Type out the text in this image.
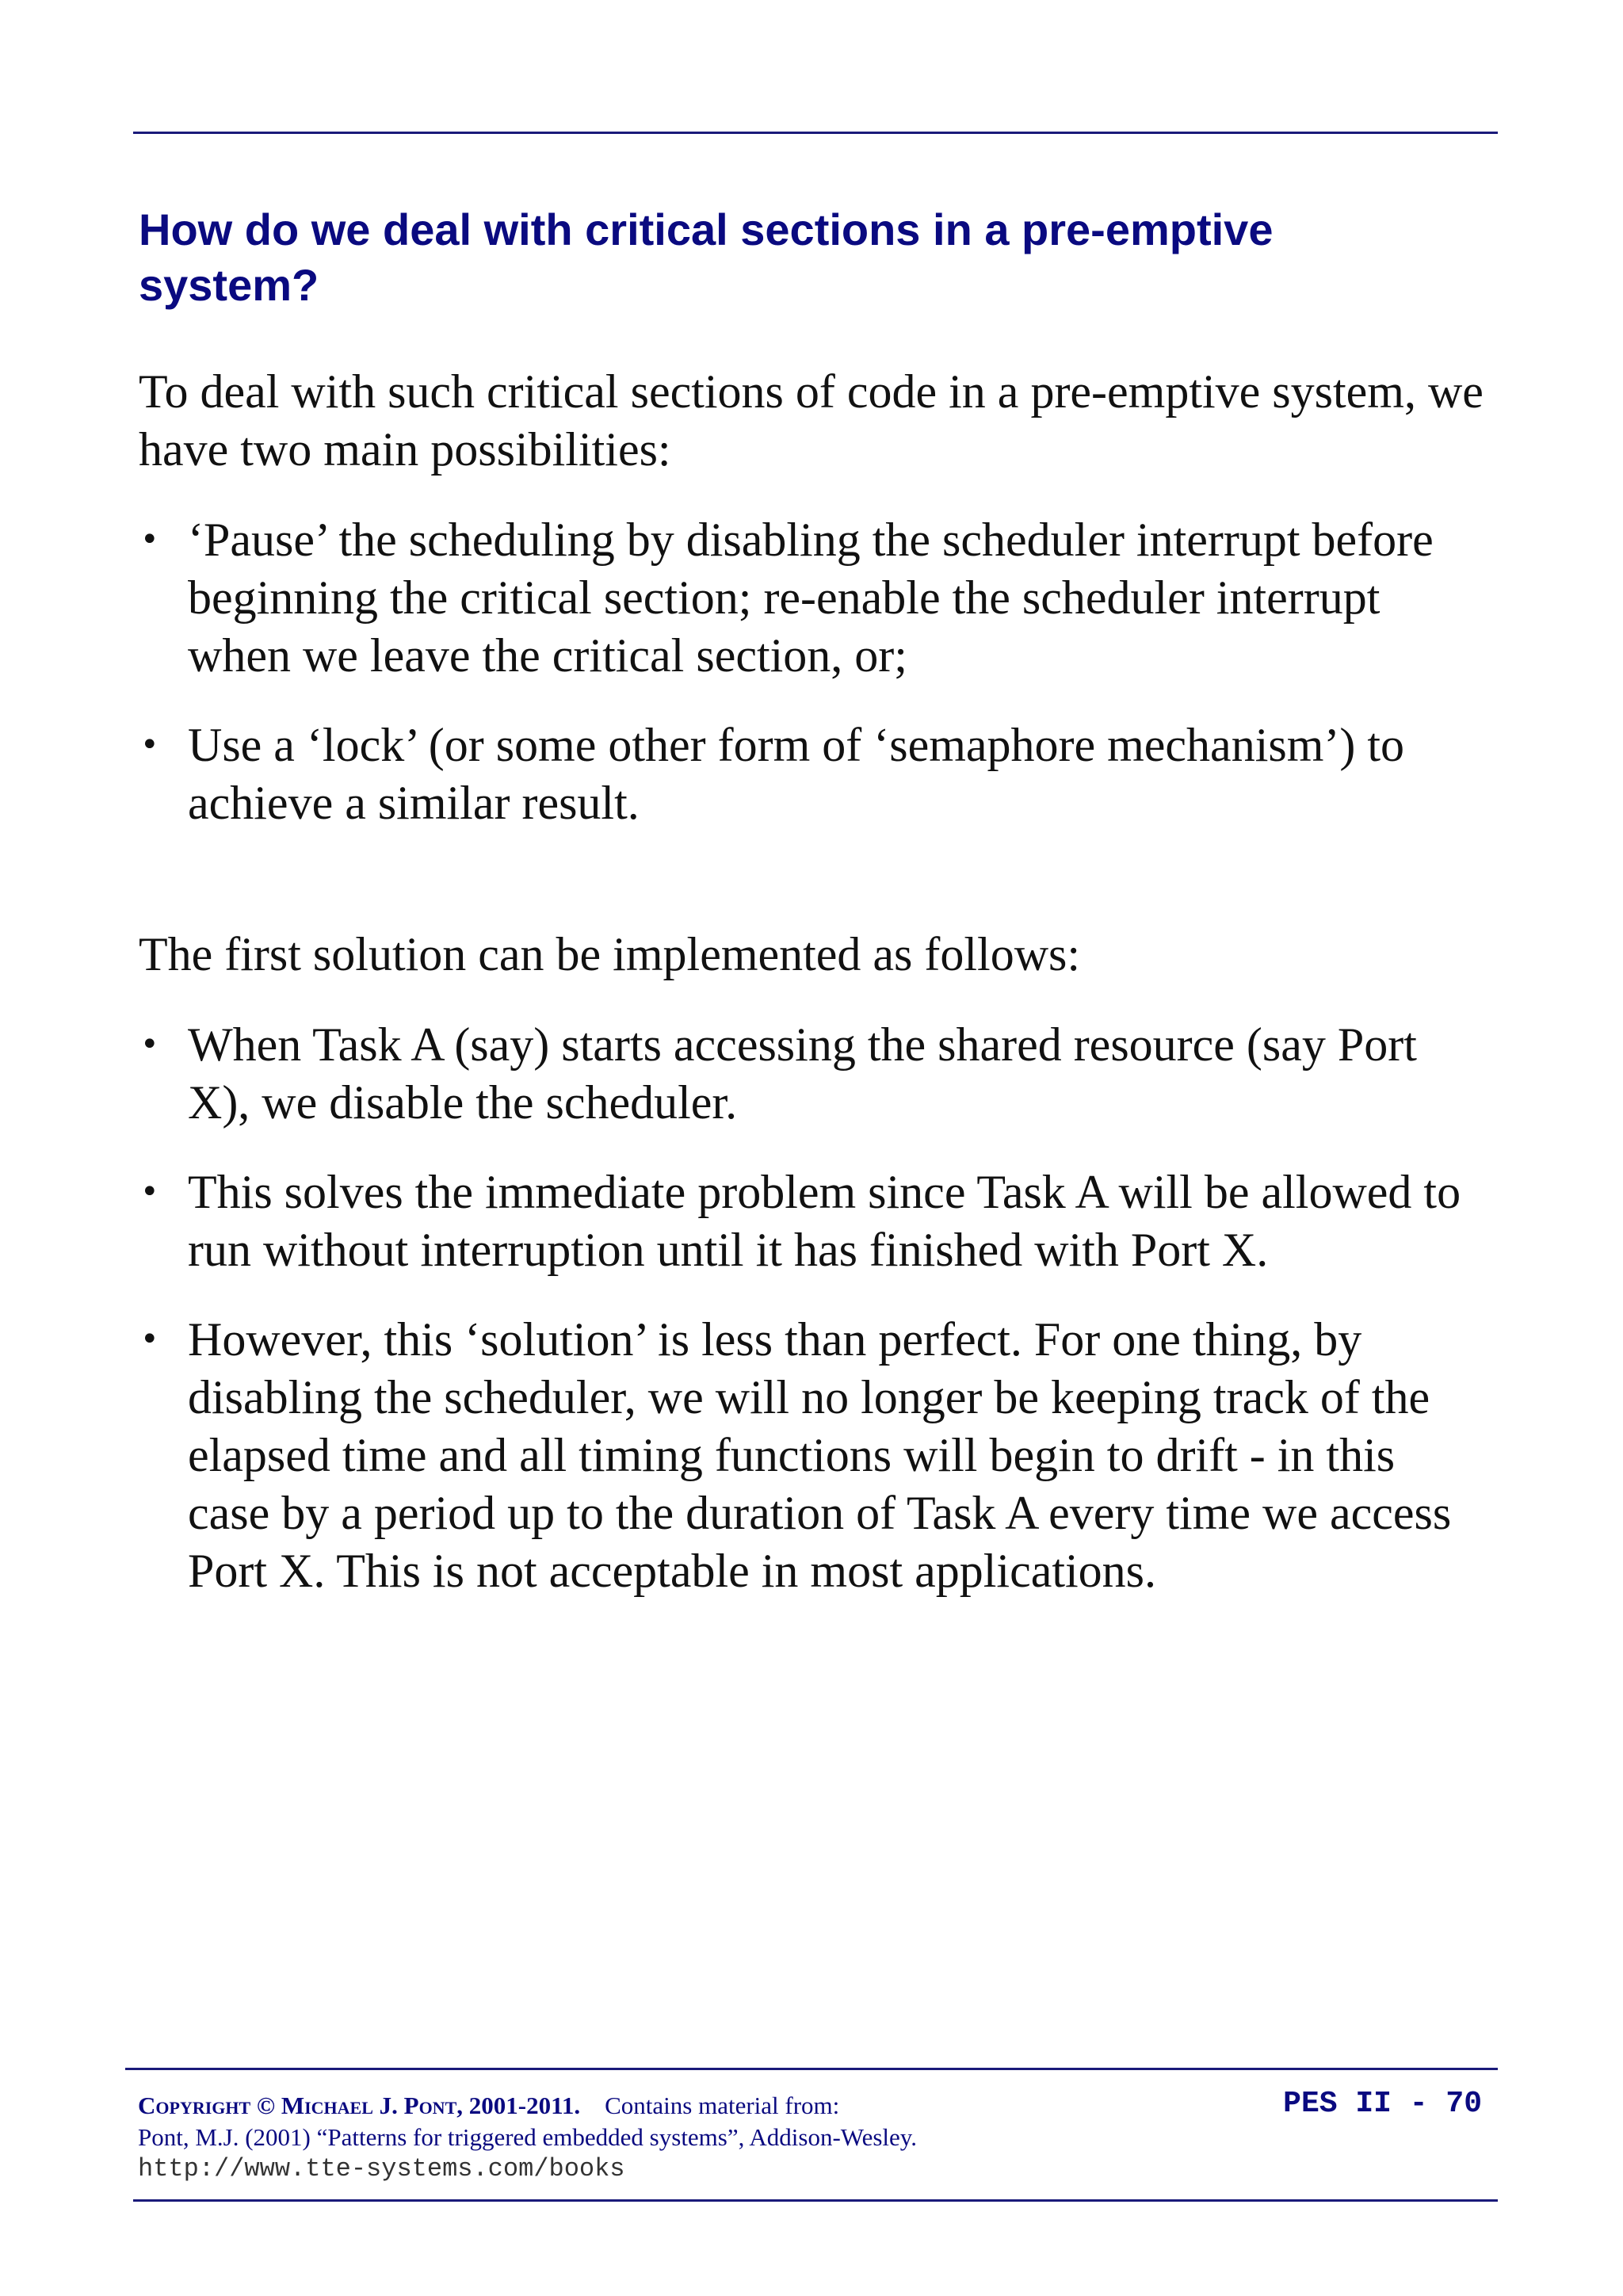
How do we deal with critical sections in a pre-emptive system?

To deal with such critical sections of code in a pre-emptive system, we have two main possibilities:

• ‘Pause’ the scheduling by disabling the scheduler interrupt before beginning the critical section; re-enable the scheduler interrupt when we leave the critical section, or;
• Use a ‘lock’ (or some other form of ‘semaphore mechanism’) to achieve a similar result.

The first solution can be implemented as follows:

• When Task A (say) starts accessing the shared resource (say Port X), we disable the scheduler.
• This solves the immediate problem since Task A will be allowed to run without interruption until it has finished with Port X.
• However, this ‘solution’ is less than perfect. For one thing, by disabling the scheduler, we will no longer be keeping track of the elapsed time and all timing functions will begin to drift - in this case by a period up to the duration of Task A every time we access Port X. This is not acceptable in most applications.
Copyright © Michael J. Pont, 2001-2011. Contains material from:
Pont, M.J. (2001) “Patterns for triggered embedded systems”, Addison-Wesley.
http://www.tte-systems.com/books
PES II - 70
